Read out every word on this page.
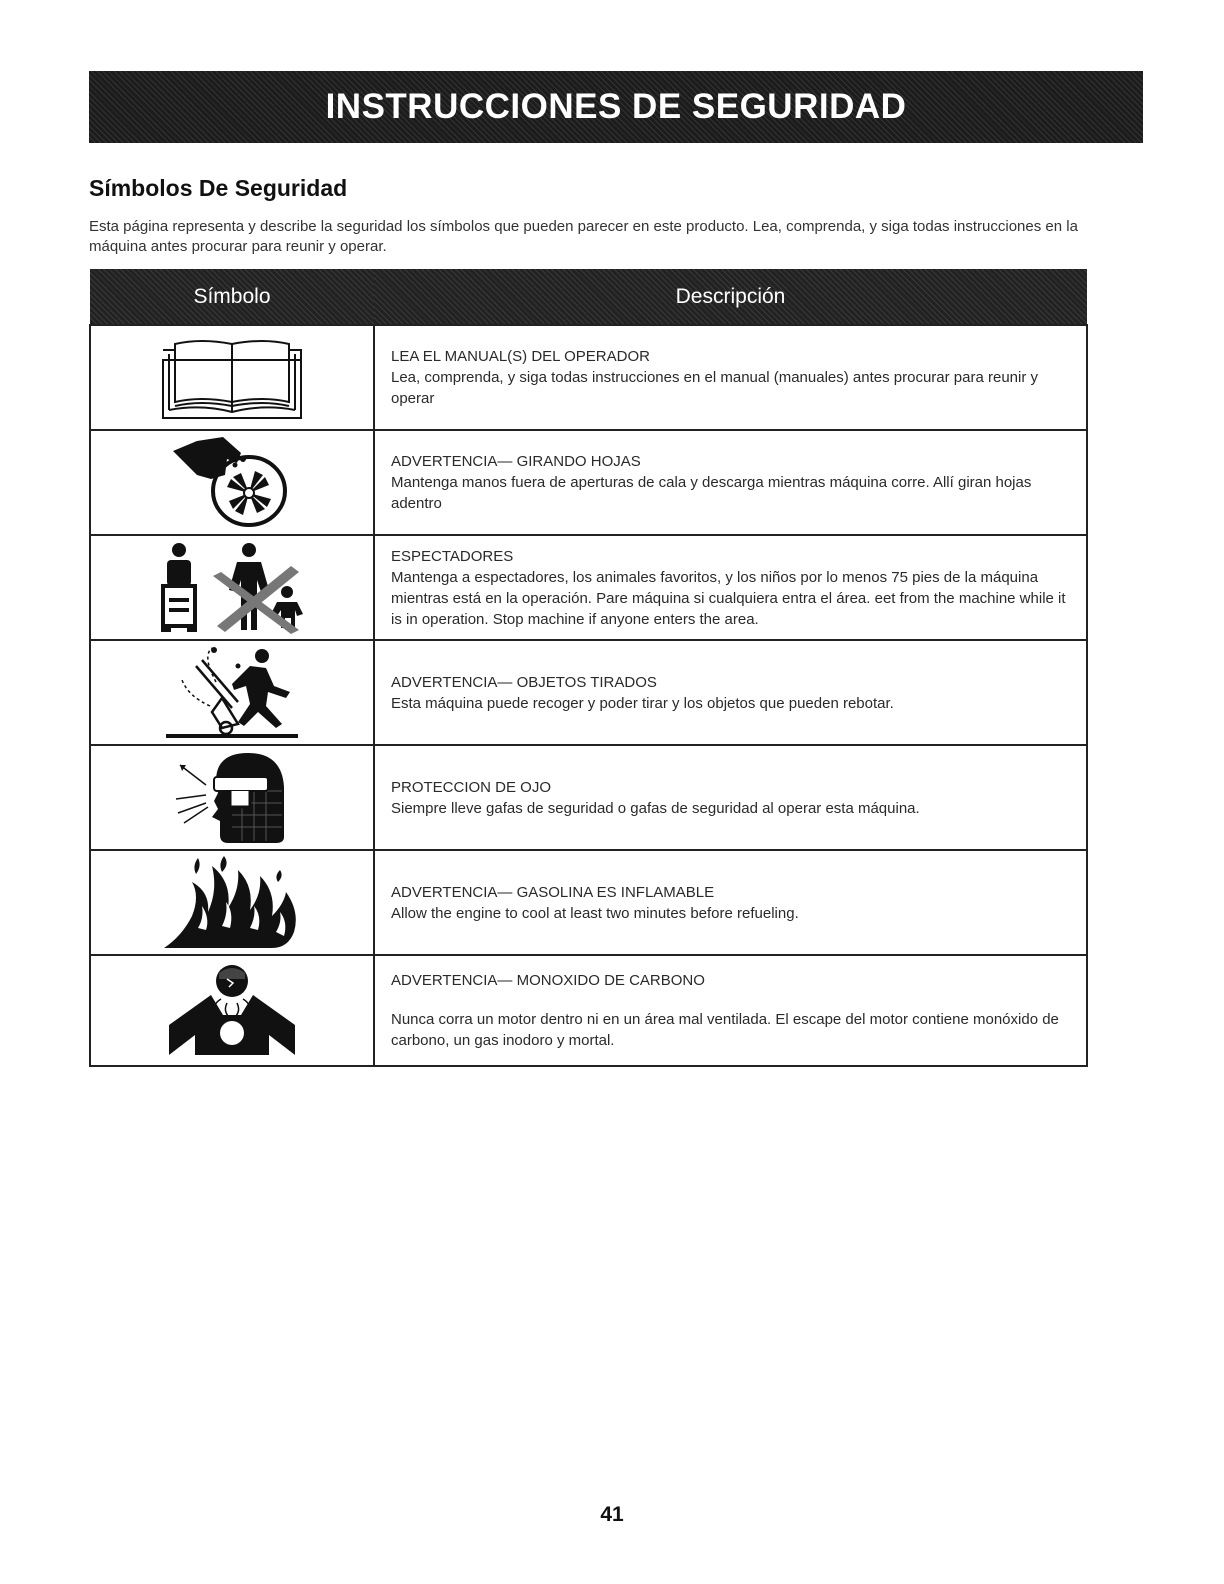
INSTRUCCIONES DE SEGURIDAD
Símbolos De Seguridad

Esta página representa y describe la seguridad los símbolos que pueden parecer en este producto. Lea, comprenda, y siga todas instrucciones en la máquina antes procurar para reunir y operar.

Símbolo	Descripción

LEA EL MANUAL(S) DEL OPERADOR
Lea, comprenda, y siga todas instrucciones en el manual (manuales) antes procurar para reunir y operar

ADVERTENCIA— GIRANDO HOJAS
Mantenga manos fuera de aperturas de cala y descarga mientras máquina corre. Allí giran hojas adentro

ESPECTADORES
Mantenga a espectadores, los animales favoritos, y los niños por lo menos 75 pies de la máquina mientras está en la operación. Pare máquina si cualquiera entra el área. eet from the machine while it is in operation. Stop machine if anyone enters the area.

ADVERTENCIA— OBJETOS TIRADOS
Esta máquina puede recoger y poder tirar y los objetos que pueden rebotar.

PROTECCION DE OJO
Siempre lleve gafas de seguridad o gafas de seguridad al operar esta máquina.

ADVERTENCIA— GASOLINA ES INFLAMABLE
Allow the engine to cool at least two minutes before refueling.

ADVERTENCIA— MONOXIDO DE CARBONO
Nunca corra un motor dentro ni en un área mal ventilada. El escape del motor contiene monóxido de carbono, un gas inodoro y mortal.
41
